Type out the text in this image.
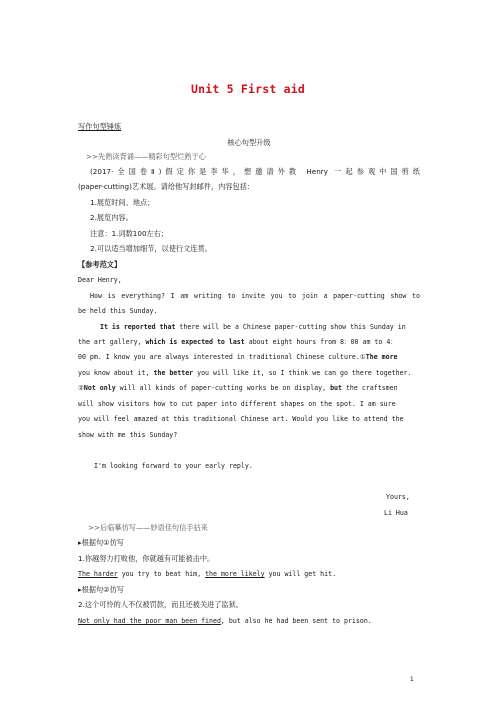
Unit 5 First aid
写作句型锤炼
核心句型升级
>>先熟读背诵——精彩句型烂熟于心
(2017·全国卷Ⅱ)假定你是李华，想邀请外教 Henry 一起参观中国剪纸
(paper-cutting)艺术展。请给他写封邮件，内容包括：
1.展览时间、地点；
2.展览内容。
注意：1.词数100左右；
2.可以适当增加细节，以使行文连贯。
【参考范文】
Dear Henry,
How is everything? I am writing to invite you to join a paper-cutting show to
be held this Sunday.
It is reported that there will be a Chinese paper-cutting show this Sunday in
the art gallery, which is expected to last about eight hours from 8：00 am to 4：
00 pm. I know you are always interested in traditional Chinese culture.①The more
you know about it, the better you will like it, so I think we can go there together.
②Not only will all kinds of paper-cutting works be on display, but the craftsmen
will show visitors how to cut paper into different shapes on the spot. I am sure
you will feel amazed at this traditional Chinese art. Would you like to attend the
show with me this Sunday?
I'm looking forward to your early reply.
Yours,
Li Hua
>>后临摹仿写——妙语佳句信手拈来
▸根据句①仿写
1.你越努力打败他，你就越有可能被击中。
The harder you try to beat him, the more likely you will get hit.
▸根据句②仿写
2.这个可怜的人不仅被罚款，而且还被关进了监狱。
Not only had the poor man been fined, but also he had been sent to prison.
1
